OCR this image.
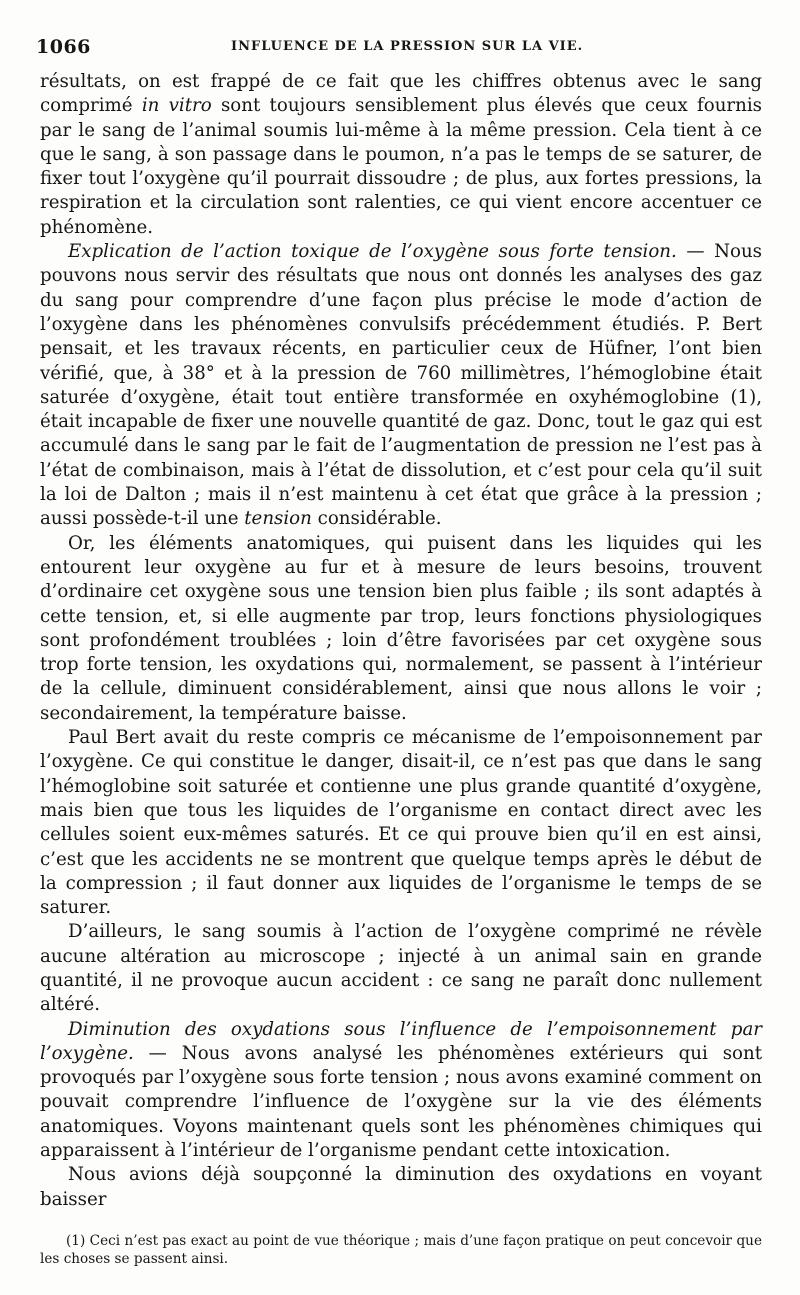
1066	INFLUENCE DE LA PRESSION SUR LA VIE.

résultats, on est frappé de ce fait que les chiffres obtenus avec le sang comprimé in vitro sont toujours sensiblement plus élevés que ceux fournis par le sang de l’animal soumis lui-même à la même pression. Cela tient à ce que le sang, à son passage dans le poumon, n’a pas le temps de se saturer, de fixer tout l’oxygène qu’il pourrait dissoudre ; de plus, aux fortes pressions, la respiration et la circulation sont ralenties, ce qui vient encore accentuer ce phénomène.

Explication de l’action toxique de l’oxygène sous forte tension. — Nous pouvons nous servir des résultats que nous ont donnés les analyses des gaz du sang pour comprendre d’une façon plus précise le mode d’action de l’oxygène dans les phénomènes convulsifs précédemment étudiés. P. Bert pensait, et les travaux récents, en particulier ceux de Hüfner, l’ont bien vérifié, que, à 38° et à la pression de 760 millimètres, l’hémoglobine était saturée d’oxygène, était tout entière transformée en oxyhémoglobine (1), était incapable de fixer une nouvelle quantité de gaz. Donc, tout le gaz qui est accumulé dans le sang par le fait de l’augmentation de pression ne l’est pas à l’état de combinaison, mais à l’état de dissolution, et c’est pour cela qu’il suit la loi de Dalton ; mais il n’est maintenu à cet état que grâce à la pression ; aussi possède-t-il une tension considérable.

Or, les éléments anatomiques, qui puisent dans les liquides qui les entourent leur oxygène au fur et à mesure de leurs besoins, trouvent d’ordinaire cet oxygène sous une tension bien plus faible ; ils sont adaptés à cette tension, et, si elle augmente par trop, leurs fonctions physiologiques sont profondément troublées ; loin d’être favorisées par cet oxygène sous trop forte tension, les oxydations qui, normalement, se passent à l’intérieur de la cellule, diminuent considérablement, ainsi que nous allons le voir ; secondairement, la température baisse.

Paul Bert avait du reste compris ce mécanisme de l’empoisonnement par l’oxygène. Ce qui constitue le danger, disait-il, ce n’est pas que dans le sang l’hémoglobine soit saturée et contienne une plus grande quantité d’oxygène, mais bien que tous les liquides de l’organisme en contact direct avec les cellules soient eux-mêmes saturés. Et ce qui prouve bien qu’il en est ainsi, c’est que les accidents ne se montrent que quelque temps après le début de la compression ; il faut donner aux liquides de l’organisme le temps de se saturer.

D’ailleurs, le sang soumis à l’action de l’oxygène comprimé ne révèle aucune altération au microscope ; injecté à un animal sain en grande quantité, il ne provoque aucun accident : ce sang ne paraît donc nullement altéré.

Diminution des oxydations sous l’influence de l’empoisonnement par l’oxygène. — Nous avons analysé les phénomènes extérieurs qui sont provoqués par l’oxygène sous forte tension ; nous avons examiné comment on pouvait comprendre l’influence de l’oxygène sur la vie des éléments anatomiques. Voyons maintenant quels sont les phénomènes chimiques qui apparaissent à l’intérieur de l’organisme pendant cette intoxication.

Nous avions déjà soupçonné la diminution des oxydations en voyant baisser

(1) Ceci n’est pas exact au point de vue théorique ; mais d’une façon pratique on peut concevoir que les choses se passent ainsi.
